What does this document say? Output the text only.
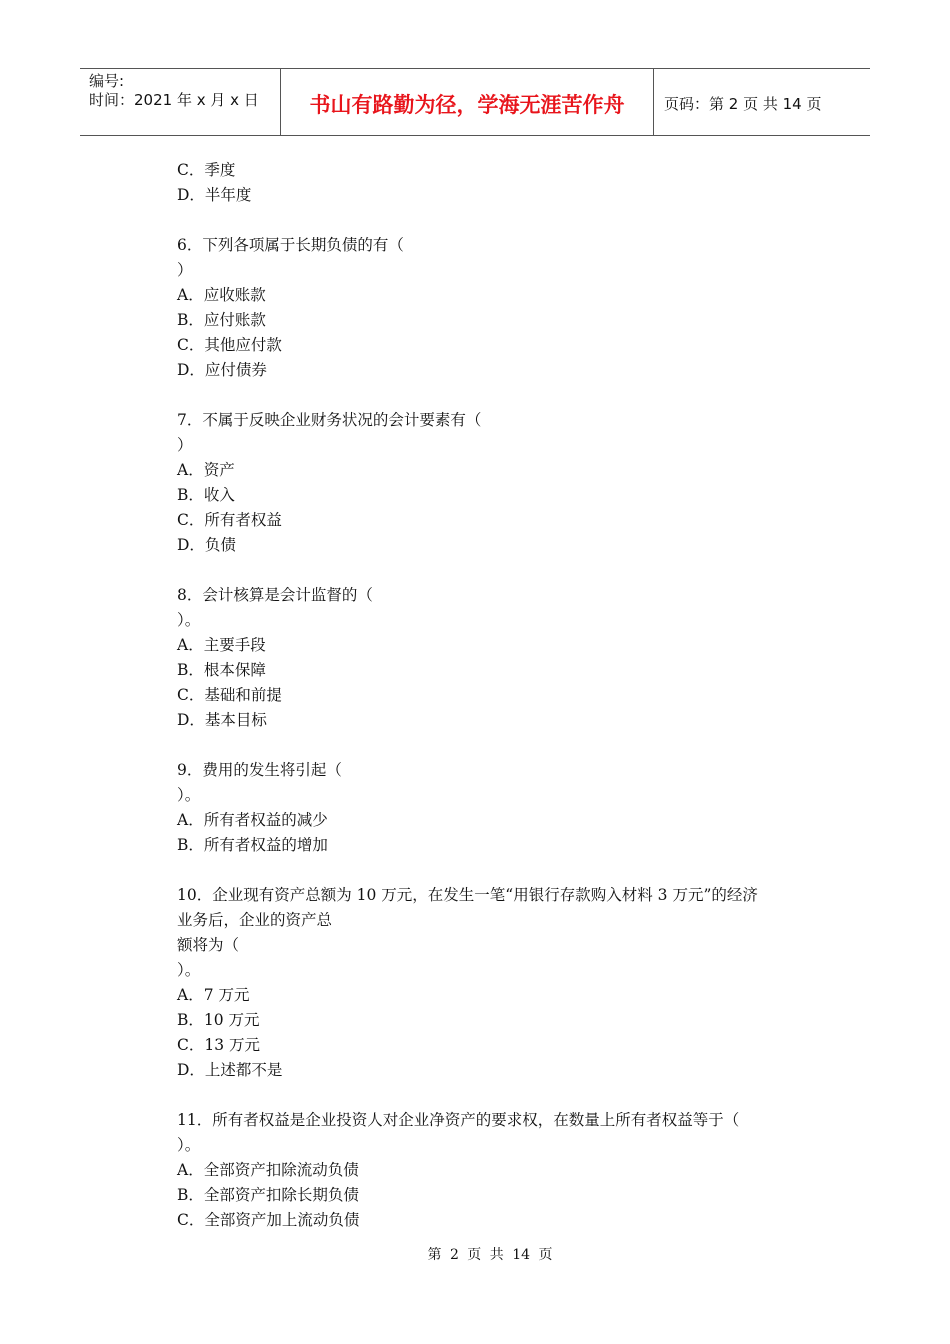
编号:
时间：2021 年 x 月 x 日	书山有路勤为径，学海无涯苦作舟	页码：第 2 页 共 14 页
C．季度
D．半年度
6．下列各项属于长期负债的有（
）
A．应收账款
B．应付账款
C．其他应付款
D．应付债券
7．不属于反映企业财务状况的会计要素有（
）
A．资产
B．收入
C．所有者权益
D．负债
8．会计核算是会计监督的（
）。
A．主要手段
B．根本保障
C．基础和前提
D．基本目标
9．费用的发生将引起（
）。
A．所有者权益的减少
B．所有者权益的增加
10．企业现有资产总额为 10 万元，在发生一笔“用银行存款购入材料 3 万元”的经济
业务后，企业的资产总
额将为（
）。
A．7 万元
B．10 万元
C．13 万元
D．上述都不是
11．所有者权益是企业投资人对企业净资产的要求权，在数量上所有者权益等于（
）。
A．全部资产扣除流动负债
B．全部资产扣除长期负债
C．全部资产加上流动负债
第 2 页 共 14 页
